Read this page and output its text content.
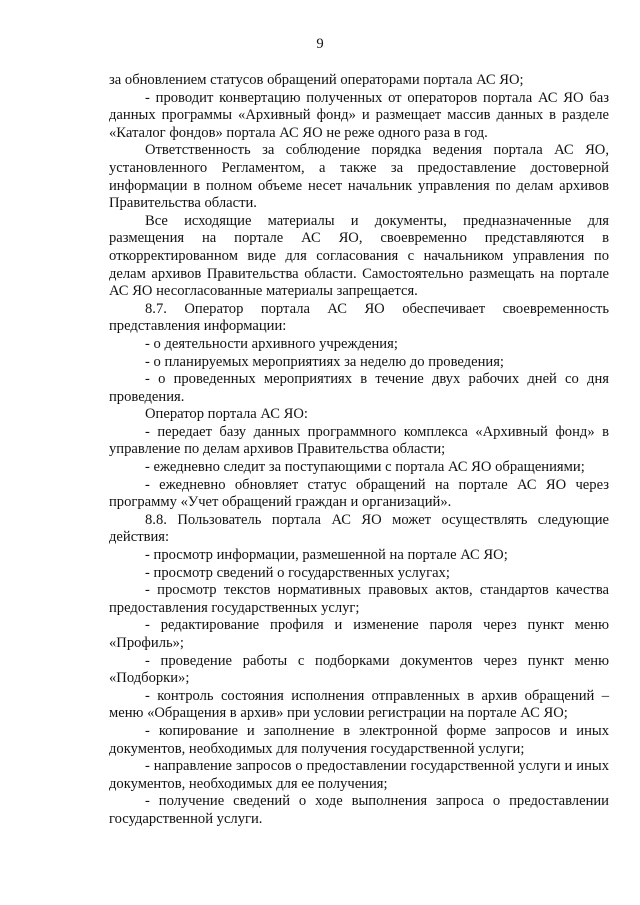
9

за обновлением статусов обращений операторами портала АС ЯО;

- проводит конвертацию полученных от операторов портала АС ЯО баз данных программы «Архивный фонд» и размещает массив данных в разделе «Каталог фондов» портала АС ЯО не реже одного раза в год.

Ответственность за соблюдение порядка ведения портала АС ЯО, установленного Регламентом, а также за предоставление достоверной информации в полном объеме несет начальник управления по делам архивов Правительства области.

Все исходящие материалы и документы, предназначенные для размещения на портале АС ЯО, своевременно представляются в откорректированном виде для согласования с начальником управления по делам архивов Правительства области. Самостоятельно размещать на портале АС ЯО несогласованные материалы запрещается.

8.7. Оператор портала АС ЯО обеспечивает своевременность представления информации:

- о деятельности архивного учреждения;

- о планируемых мероприятиях за неделю до проведения;

- о проведенных мероприятиях в течение двух рабочих дней со дня проведения.

Оператор портала АС ЯО:

- передает базу данных программного комплекса «Архивный фонд» в управление по делам архивов Правительства области;

- ежедневно следит за поступающими с портала АС ЯО обращениями;

- ежедневно обновляет статус обращений на портале АС ЯО через программу «Учет обращений граждан и организаций».

8.8. Пользователь портала АС ЯО может осуществлять следующие действия:

- просмотр информации, размешенной на портале АС ЯО;

- просмотр сведений о государственных услугах;

- просмотр текстов нормативных правовых актов, стандартов качества предоставления государственных услуг;

- редактирование профиля и изменение пароля через пункт меню «Профиль»;

- проведение работы с подборками документов через пункт меню «Подборки»;

- контроль состояния исполнения отправленных в архив обращений – меню «Обращения в архив» при условии регистрации на портале АС ЯО;

- копирование и заполнение в электронной форме запросов и иных документов, необходимых для получения государственной услуги;

- направление запросов о предоставлении государственной услуги и иных документов, необходимых для ее получения;

- получение сведений о ходе выполнения запроса о предоставлении государственной услуги.
